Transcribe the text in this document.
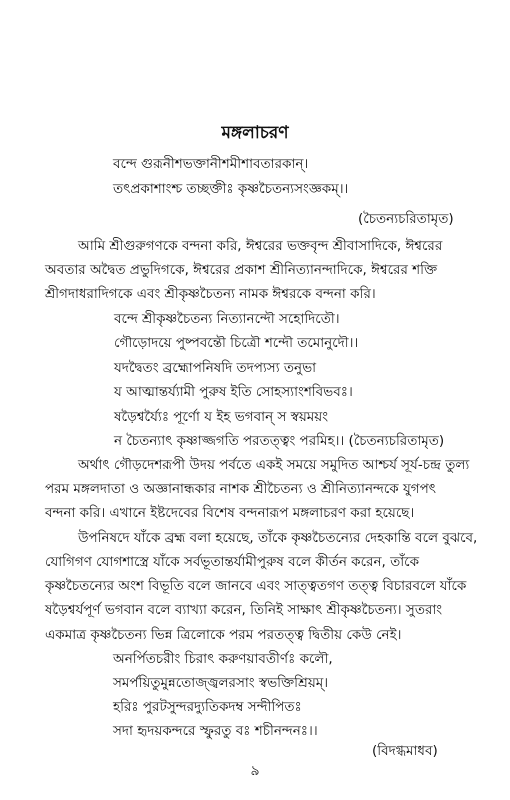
মঙ্গলাচরণ
বন্দে গুরূনীশভক্তানীশমীশাবতারকান্।
তৎপ্রকাশাংশ্চ তচ্ছক্তীঃ কৃষ্ণচৈতন্যসংজ্ঞকম্।।
(চৈতন্যচরিতামৃত)
আমি শ্রীগুরুগণকে বন্দনা করি, ঈশ্বরের ভক্তবৃন্দ শ্রীবাসাদিকে, ঈশ্বরের
অবতার অদ্বৈত প্রভুদিগকে, ঈশ্বরের প্রকাশ শ্রীনিত্যানন্দাদিকে, ঈশ্বরের শক্তি
শ্রীগদাধরাদিগকে এবং শ্রীকৃষ্ণচৈতন্য নামক ঈশ্বরকে বন্দনা করি।
বন্দে শ্রীকৃষ্ণচৈতন্য নিত্যানন্দৌ সহোদিতৌ।
গৌড়োদয়ে পুষ্পবন্তৌ চিত্রৌ শন্দৌ তমোনুদৌ।।
যদদ্বৈতং ব্রহ্মোপনিষদি তদপ্যস্য তনুভা
য আত্মান্তর্য্যামী পুরুষ ইতি সোহস্যাংশবিভবঃ।
ষড়ৈশ্বর্য্যৈঃ পূর্ণো য ইহ ভগবান্ স স্বয়ময়ং
ন চৈতন্যাৎ কৃষ্ণাজ্জগতি পরতত্ত্বং পরমিহ।। (চৈতন্যচরিতামৃত)
অর্থাৎ গৌড়দেশরূপী উদয় পর্বতে একই সময়ে সমুদিত আশ্চর্য সূর্য-চন্দ্র তুল্য
পরম মঙ্গলদাতা ও অজ্ঞানান্ধকার নাশক শ্রীচৈতন্য ও শ্রীনিত্যানন্দকে যুগপৎ
বন্দনা করি। এখানে ইষ্টদেবের বিশেষ বন্দনারূপ মঙ্গলাচরণ করা হয়েছে।
উপনিষদে যাঁকে ব্রহ্ম বলা হয়েছে, তাঁকে কৃষ্ণচৈতন্যের দেহকান্তি বলে বুঝবে,
যোগিগণ যোগশাস্ত্রে যাঁকে সর্বভূতান্তর্যামীপুরুষ বলে কীর্তন করেন, তাঁকে
কৃষ্ণচৈতন্যের অংশ বিভূতি বলে জানবে এবং সাত্ত্বতগণ তত্ত্ব বিচারবলে যাঁকে
ষড়ৈশ্বর্যপূর্ণ ভগবান বলে ব্যাখ্যা করেন, তিনিই সাক্ষাৎ শ্রীকৃষ্ণচৈতন্য। সুতরাং
একমাত্র কৃষ্ণচৈতন্য ভিন্ন ত্রিলোকে পরম পরতত্ত্ব দ্বিতীয় কেউ নেই।
অনর্পিতচরীং চিরাৎ করুণয়াবতীর্ণঃ কলৌ,
সমর্পয়িতুমুন্নতোজ্জ্বলরসাং স্বভক্তিশ্রিয়ম্।
হরিঃ পুরটসুন্দরদ্যুতিকদম্ব সন্দীপিতঃ
সদা হৃদয়কন্দরে স্ফুরতু বঃ শচীনন্দনঃ।।
(বিদগ্ধমাধব)
৯
